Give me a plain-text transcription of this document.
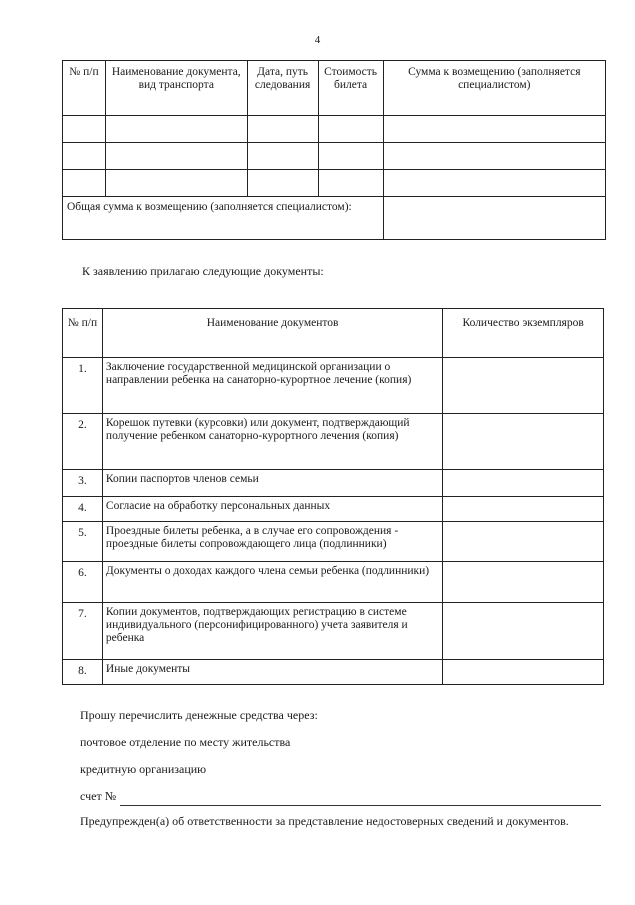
4
№ п/п	Наименование документа, вид транспорта	Дата, путь следования	Стоимость билета	Сумма к возмещению (заполняется специалистом)

Общая сумма к возмещению (заполняется специалистом):				
К заявлению прилагаю следующие документы:
№ п/п	Наименование документов	Количество экземпляров
1.	Заключение государственной медицинской организации о направлении ребенка на санаторно-курортное лечение (копия)	
2.	Корешок путевки (курсовки) или документ, подтверждающий получение ребенком санаторно-курортного лечения (копия)	
3.	Копии паспортов членов семьи	
4.	Согласие на обработку персональных данных	
5.	Проездные билеты ребенка, а в случае его сопровождения - проездные билеты сопровождающего лица (подлинники)	
6.	Документы о доходах каждого члена семьи ребенка (подлинники)	
7.	Копии документов, подтверждающих регистрацию в системе индивидуального (персонифицированного) учета заявителя и ребенка	
8.	Иные документы	
Прошу перечислить денежные средства через:
почтовое отделение по месту жительства
кредитную организацию
счет №
Предупрежден(а) об ответственности за представление недостоверных сведений и документов.
